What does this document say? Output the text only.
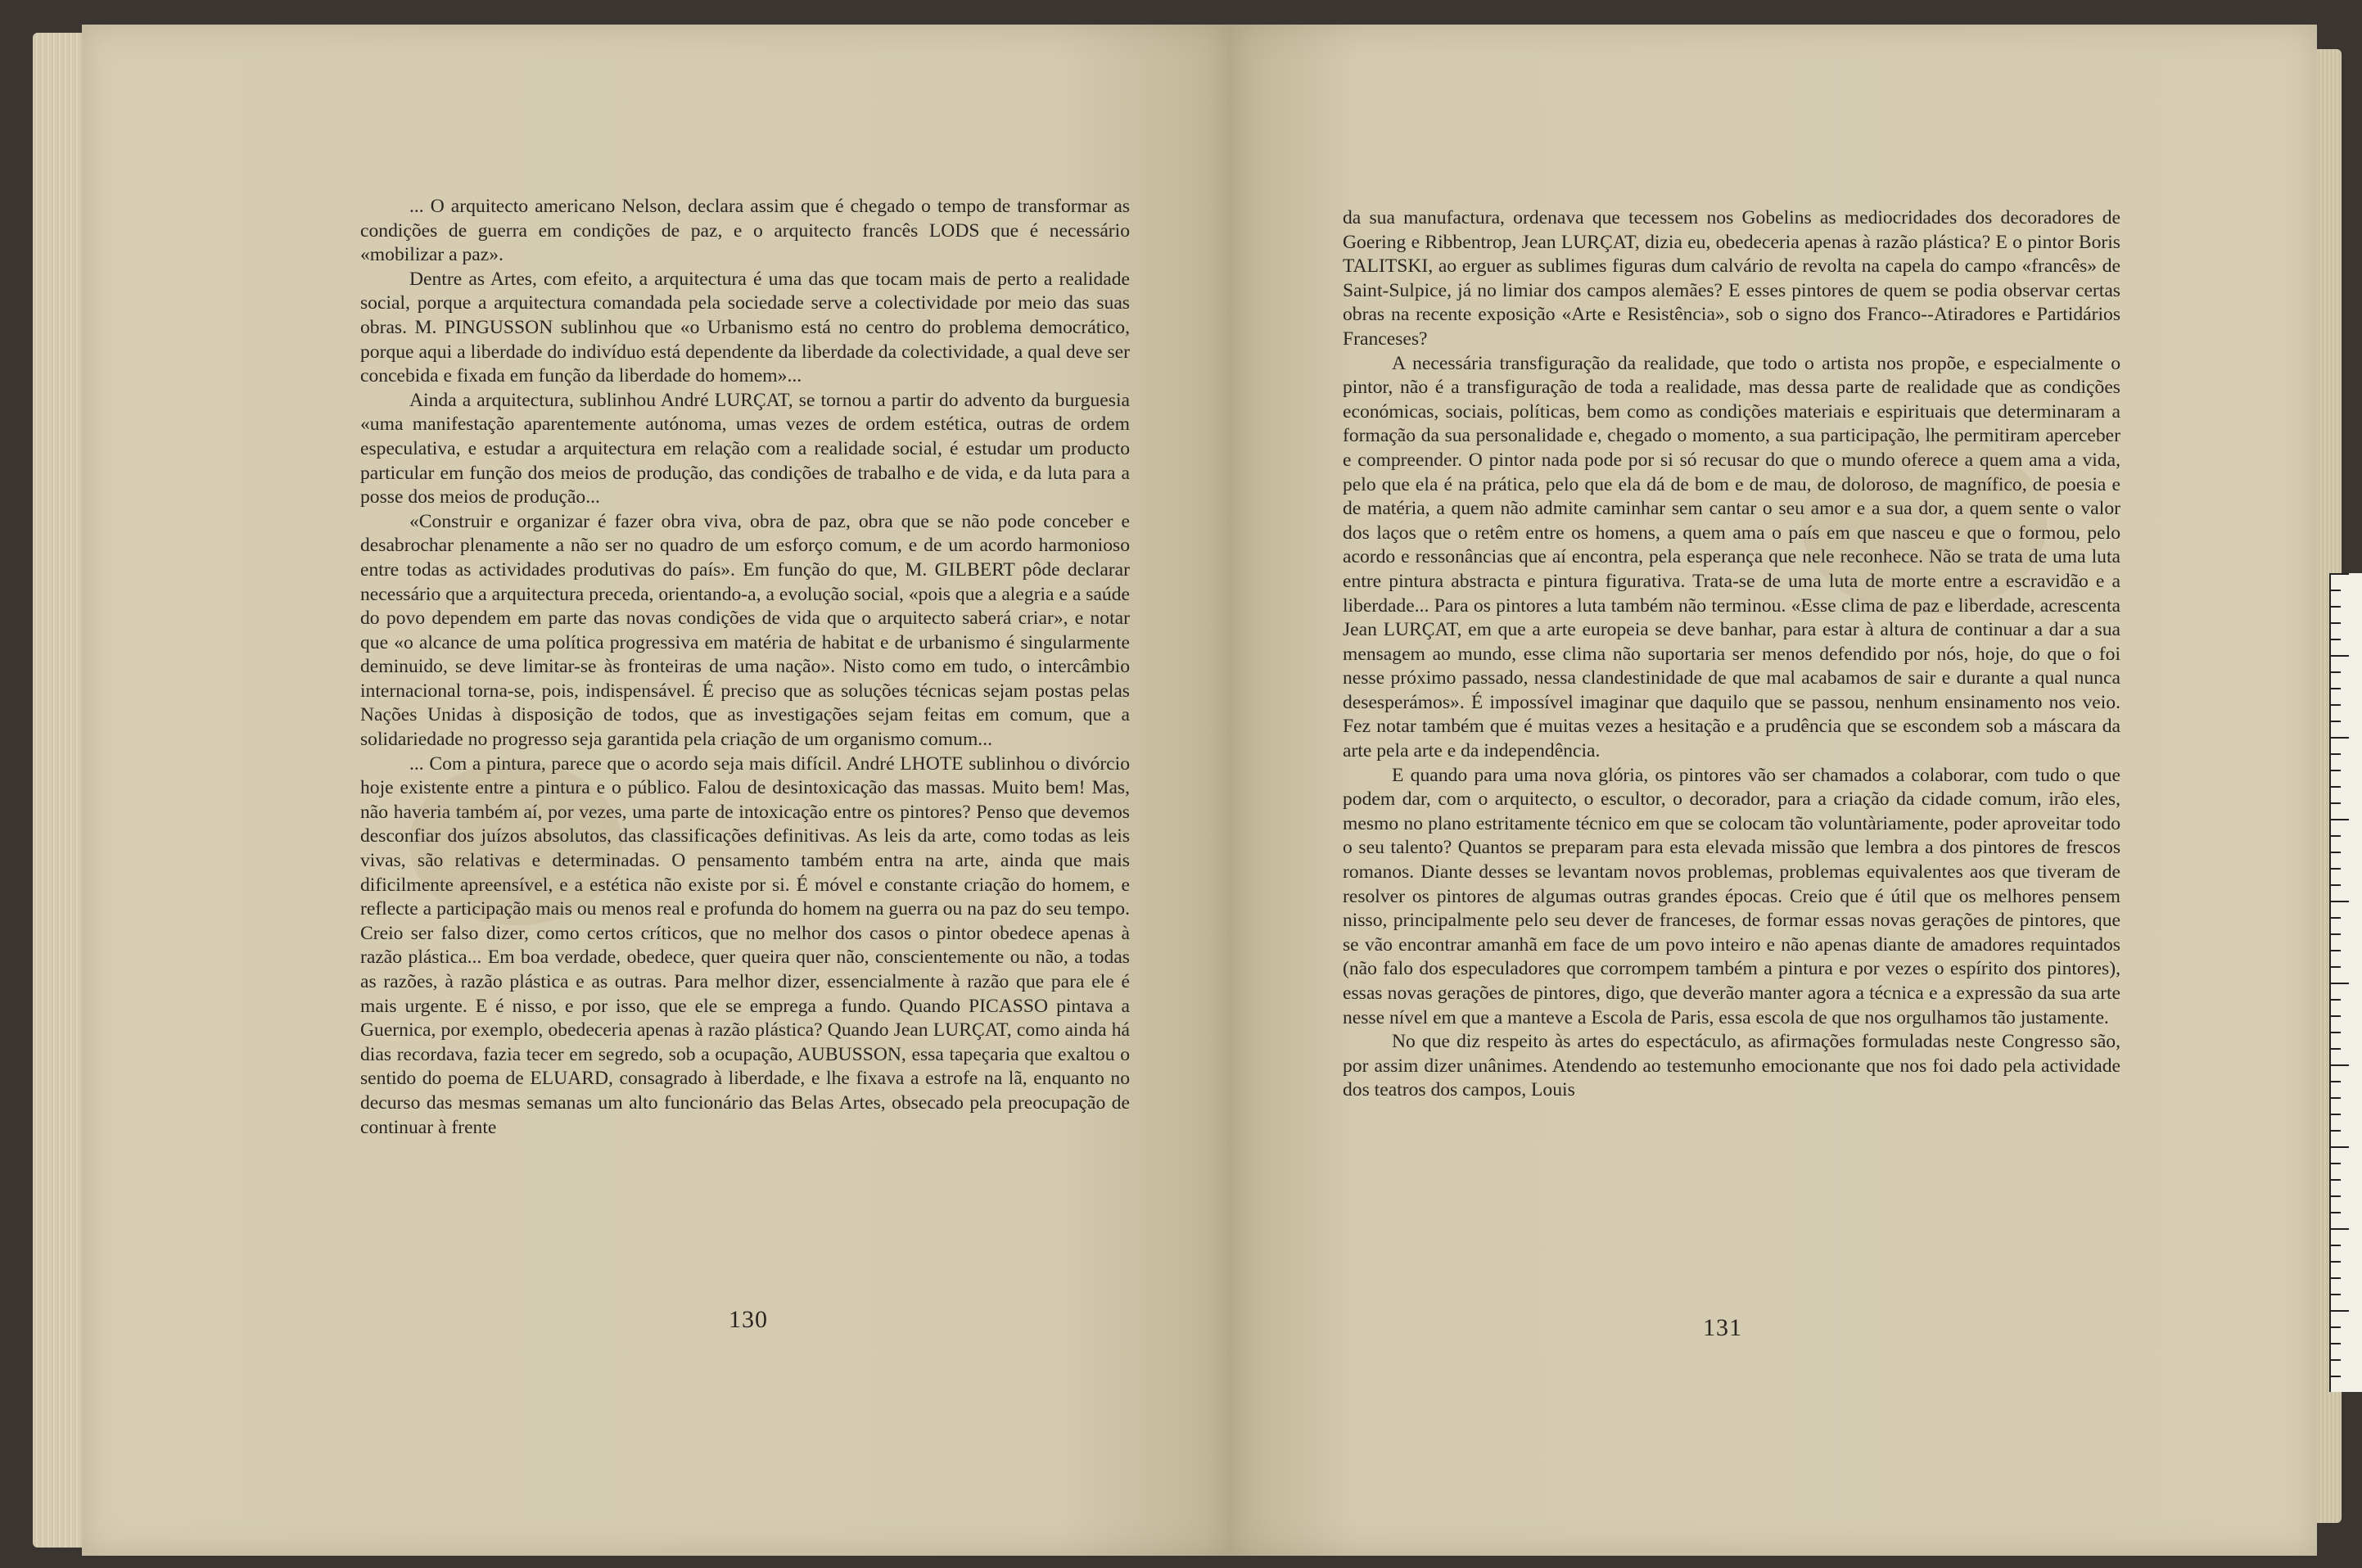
... O arquitecto americano Nelson, declara assim que é chegado o tempo de transformar as condições de guerra em condições de paz, e o arquitecto francês LODS que é necessário «mobilizar a paz».

Dentre as Artes, com efeito, a arquitectura é uma das que tocam mais de perto a realidade social, porque a arquitectura comandada pela sociedade serve a colectividade por meio das suas obras. M. PINGUSSON sublinhou que «o Urbanismo está no centro do problema democrático, porque aqui a liberdade do indivíduo está dependente da liberdade da colectividade, a qual deve ser concebida e fixada em função da liberdade do homem»...

Ainda a arquitectura, sublinhou André LURÇAT, se tornou a partir do advento da burguesia «uma manifestação aparentemente autónoma, umas vezes de ordem estética, outras de ordem especulativa, e estudar a arquitectura em relação com a realidade social, é estudar um producto particular em função dos meios de produção, das condições de trabalho e de vida, e da luta para a posse dos meios de produção...

«Construir e organizar é fazer obra viva, obra de paz, obra que se não pode conceber e desabrochar plenamente a não ser no quadro de um esforço comum, e de um acordo harmonioso entre todas as actividades produtivas do país». Em função do que, M. GILBERT pôde declarar necessário que a arquitectura preceda, orientando-a, a evolução social, «pois que a alegria e a saúde do povo dependem em parte das novas condições de vida que o arquitecto saberá criar», e notar que «o alcance de uma política progressiva em matéria de habitat e de urbanismo é singularmente deminuido, se deve limitar-se às fronteiras de uma nação». Nisto como em tudo, o intercâmbio internacional torna-se, pois, indispensável. É preciso que as soluções técnicas sejam postas pelas Nações Unidas à disposição de todos, que as investigações sejam feitas em comum, que a solidariedade no progresso seja garantida pela criação de um organismo comum...

... Com a pintura, parece que o acordo seja mais difícil. André LHOTE sublinhou o divórcio hoje existente entre a pintura e o público. Falou de desintoxicação das massas. Muito bem! Mas, não haveria também aí, por vezes, uma parte de intoxicação entre os pintores? Penso que devemos desconfiar dos juízos absolutos, das classificações definitivas. As leis da arte, como todas as leis vivas, são relativas e determinadas. O pensamento também entra na arte, ainda que mais dificilmente apreensível, e a estética não existe por si. É móvel e constante criação do homem, e reflecte a participação mais ou menos real e profunda do homem na guerra ou na paz do seu tempo. Creio ser falso dizer, como certos críticos, que no melhor dos casos o pintor obedece apenas à razão plástica... Em boa verdade, obedece, quer queira quer não, conscientemente ou não, a todas as razões, à razão plástica e as outras. Para melhor dizer, essencialmente à razão que para ele é mais urgente. E é nisso, e por isso, que ele se emprega a fundo. Quando PICASSO pintava a Guernica, por exemplo, obedeceria apenas à razão plástica? Quando Jean LURÇAT, como ainda há dias recordava, fazia tecer em segredo, sob a ocupação, AUBUSSON, essa tapeçaria que exaltou o sentido do poema de ELUARD, consagrado à liberdade, e lhe fixava a estrofe na lã, enquanto no decurso das mesmas semanas um alto funcionário das Belas Artes, obsecado pela preocupação de continuar à frente

130

da sua manufactura, ordenava que tecessem nos Gobelins as mediocridades dos decoradores de Goering e Ribbentrop, Jean LURÇAT, dizia eu, obedeceria apenas à razão plástica? E o pintor Boris TALITSKI, ao erguer as sublimes figuras dum calvário de revolta na capela do campo «francês» de Saint-Sulpice, já no limiar dos campos alemães? E esses pintores de quem se podia observar certas obras na recente exposição «Arte e Resistência», sob o signo dos Franco--Atiradores e Partidários Franceses?

A necessária transfiguração da realidade, que todo o artista nos propõe, e especialmente o pintor, não é a transfiguração de toda a realidade, mas dessa parte de realidade que as condições económicas, sociais, políticas, bem como as condições materiais e espirituais que determinaram a formação da sua personalidade e, chegado o momento, a sua participação, lhe permitiram aperceber e compreender. O pintor nada pode por si só recusar do que o mundo oferece a quem ama a vida, pelo que ela é na prática, pelo que ela dá de bom e de mau, de doloroso, de magnífico, de poesia e de matéria, a quem não admite caminhar sem cantar o seu amor e a sua dor, a quem sente o valor dos laços que o retêm entre os homens, a quem ama o país em que nasceu e que o formou, pelo acordo e ressonâncias que aí encontra, pela esperança que nele reconhece. Não se trata de uma luta entre pintura abstracta e pintura figurativa. Trata-se de uma luta de morte entre a escravidão e a liberdade... Para os pintores a luta também não terminou. «Esse clima de paz e liberdade, acrescenta Jean LURÇAT, em que a arte europeia se deve banhar, para estar à altura de continuar a dar a sua mensagem ao mundo, esse clima não suportaria ser menos defendido por nós, hoje, do que o foi nesse próximo passado, nessa clandestinidade de que mal acabamos de sair e durante a qual nunca desesperámos». É impossível imaginar que daquilo que se passou, nenhum ensinamento nos veio. Fez notar também que é muitas vezes a hesitação e a prudência que se escondem sob a máscara da arte pela arte e da independência.

E quando para uma nova glória, os pintores vão ser chamados a colaborar, com tudo o que podem dar, com o arquitecto, o escultor, o decorador, para a criação da cidade comum, irão eles, mesmo no plano estritamente técnico em que se colocam tão voluntàriamente, poder aproveitar todo o seu talento? Quantos se preparam para esta elevada missão que lembra a dos pintores de frescos romanos. Diante desses se levantam novos problemas, problemas equivalentes aos que tiveram de resolver os pintores de algumas outras grandes épocas. Creio que é útil que os melhores pensem nisso, principalmente pelo seu dever de franceses, de formar essas novas gerações de pintores, que se vão encontrar amanhã em face de um povo inteiro e não apenas diante de amadores requintados (não falo dos especuladores que corrompem também a pintura e por vezes o espírito dos pintores), essas novas gerações de pintores, digo, que deverão manter agora a técnica e a expressão da sua arte nesse nível em que a manteve a Escola de Paris, essa escola de que nos orgulhamos tão justamente.

No que diz respeito às artes do espectáculo, as afirmações formuladas neste Congresso são, por assim dizer unânimes. Atendendo ao testemunho emocionante que nos foi dado pela actividade dos teatros dos campos, Louis

131
